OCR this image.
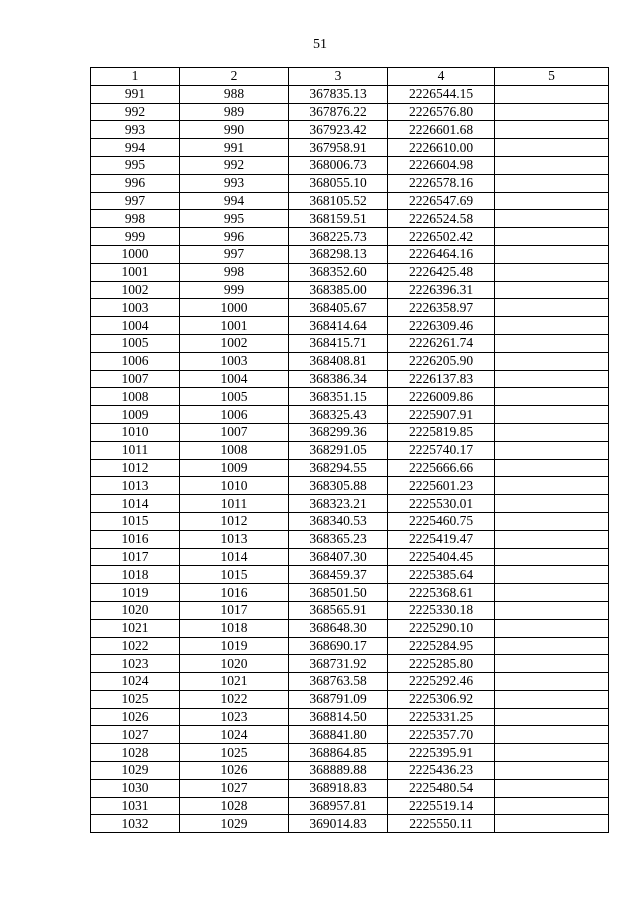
51
1	2	3	4	5
991	988	367835.13	2226544.15	
992	989	367876.22	2226576.80	
993	990	367923.42	2226601.68	
994	991	367958.91	2226610.00	
995	992	368006.73	2226604.98	
996	993	368055.10	2226578.16	
997	994	368105.52	2226547.69	
998	995	368159.51	2226524.58	
999	996	368225.73	2226502.42	
1000	997	368298.13	2226464.16	
1001	998	368352.60	2226425.48	
1002	999	368385.00	2226396.31	
1003	1000	368405.67	2226358.97	
1004	1001	368414.64	2226309.46	
1005	1002	368415.71	2226261.74	
1006	1003	368408.81	2226205.90	
1007	1004	368386.34	2226137.83	
1008	1005	368351.15	2226009.86	
1009	1006	368325.43	2225907.91	
1010	1007	368299.36	2225819.85	
1011	1008	368291.05	2225740.17	
1012	1009	368294.55	2225666.66	
1013	1010	368305.88	2225601.23	
1014	1011	368323.21	2225530.01	
1015	1012	368340.53	2225460.75	
1016	1013	368365.23	2225419.47	
1017	1014	368407.30	2225404.45	
1018	1015	368459.37	2225385.64	
1019	1016	368501.50	2225368.61	
1020	1017	368565.91	2225330.18	
1021	1018	368648.30	2225290.10	
1022	1019	368690.17	2225284.95	
1023	1020	368731.92	2225285.80	
1024	1021	368763.58	2225292.46	
1025	1022	368791.09	2225306.92	
1026	1023	368814.50	2225331.25	
1027	1024	368841.80	2225357.70	
1028	1025	368864.85	2225395.91	
1029	1026	368889.88	2225436.23	
1030	1027	368918.83	2225480.54	
1031	1028	368957.81	2225519.14	
1032	1029	369014.83	2225550.11	
